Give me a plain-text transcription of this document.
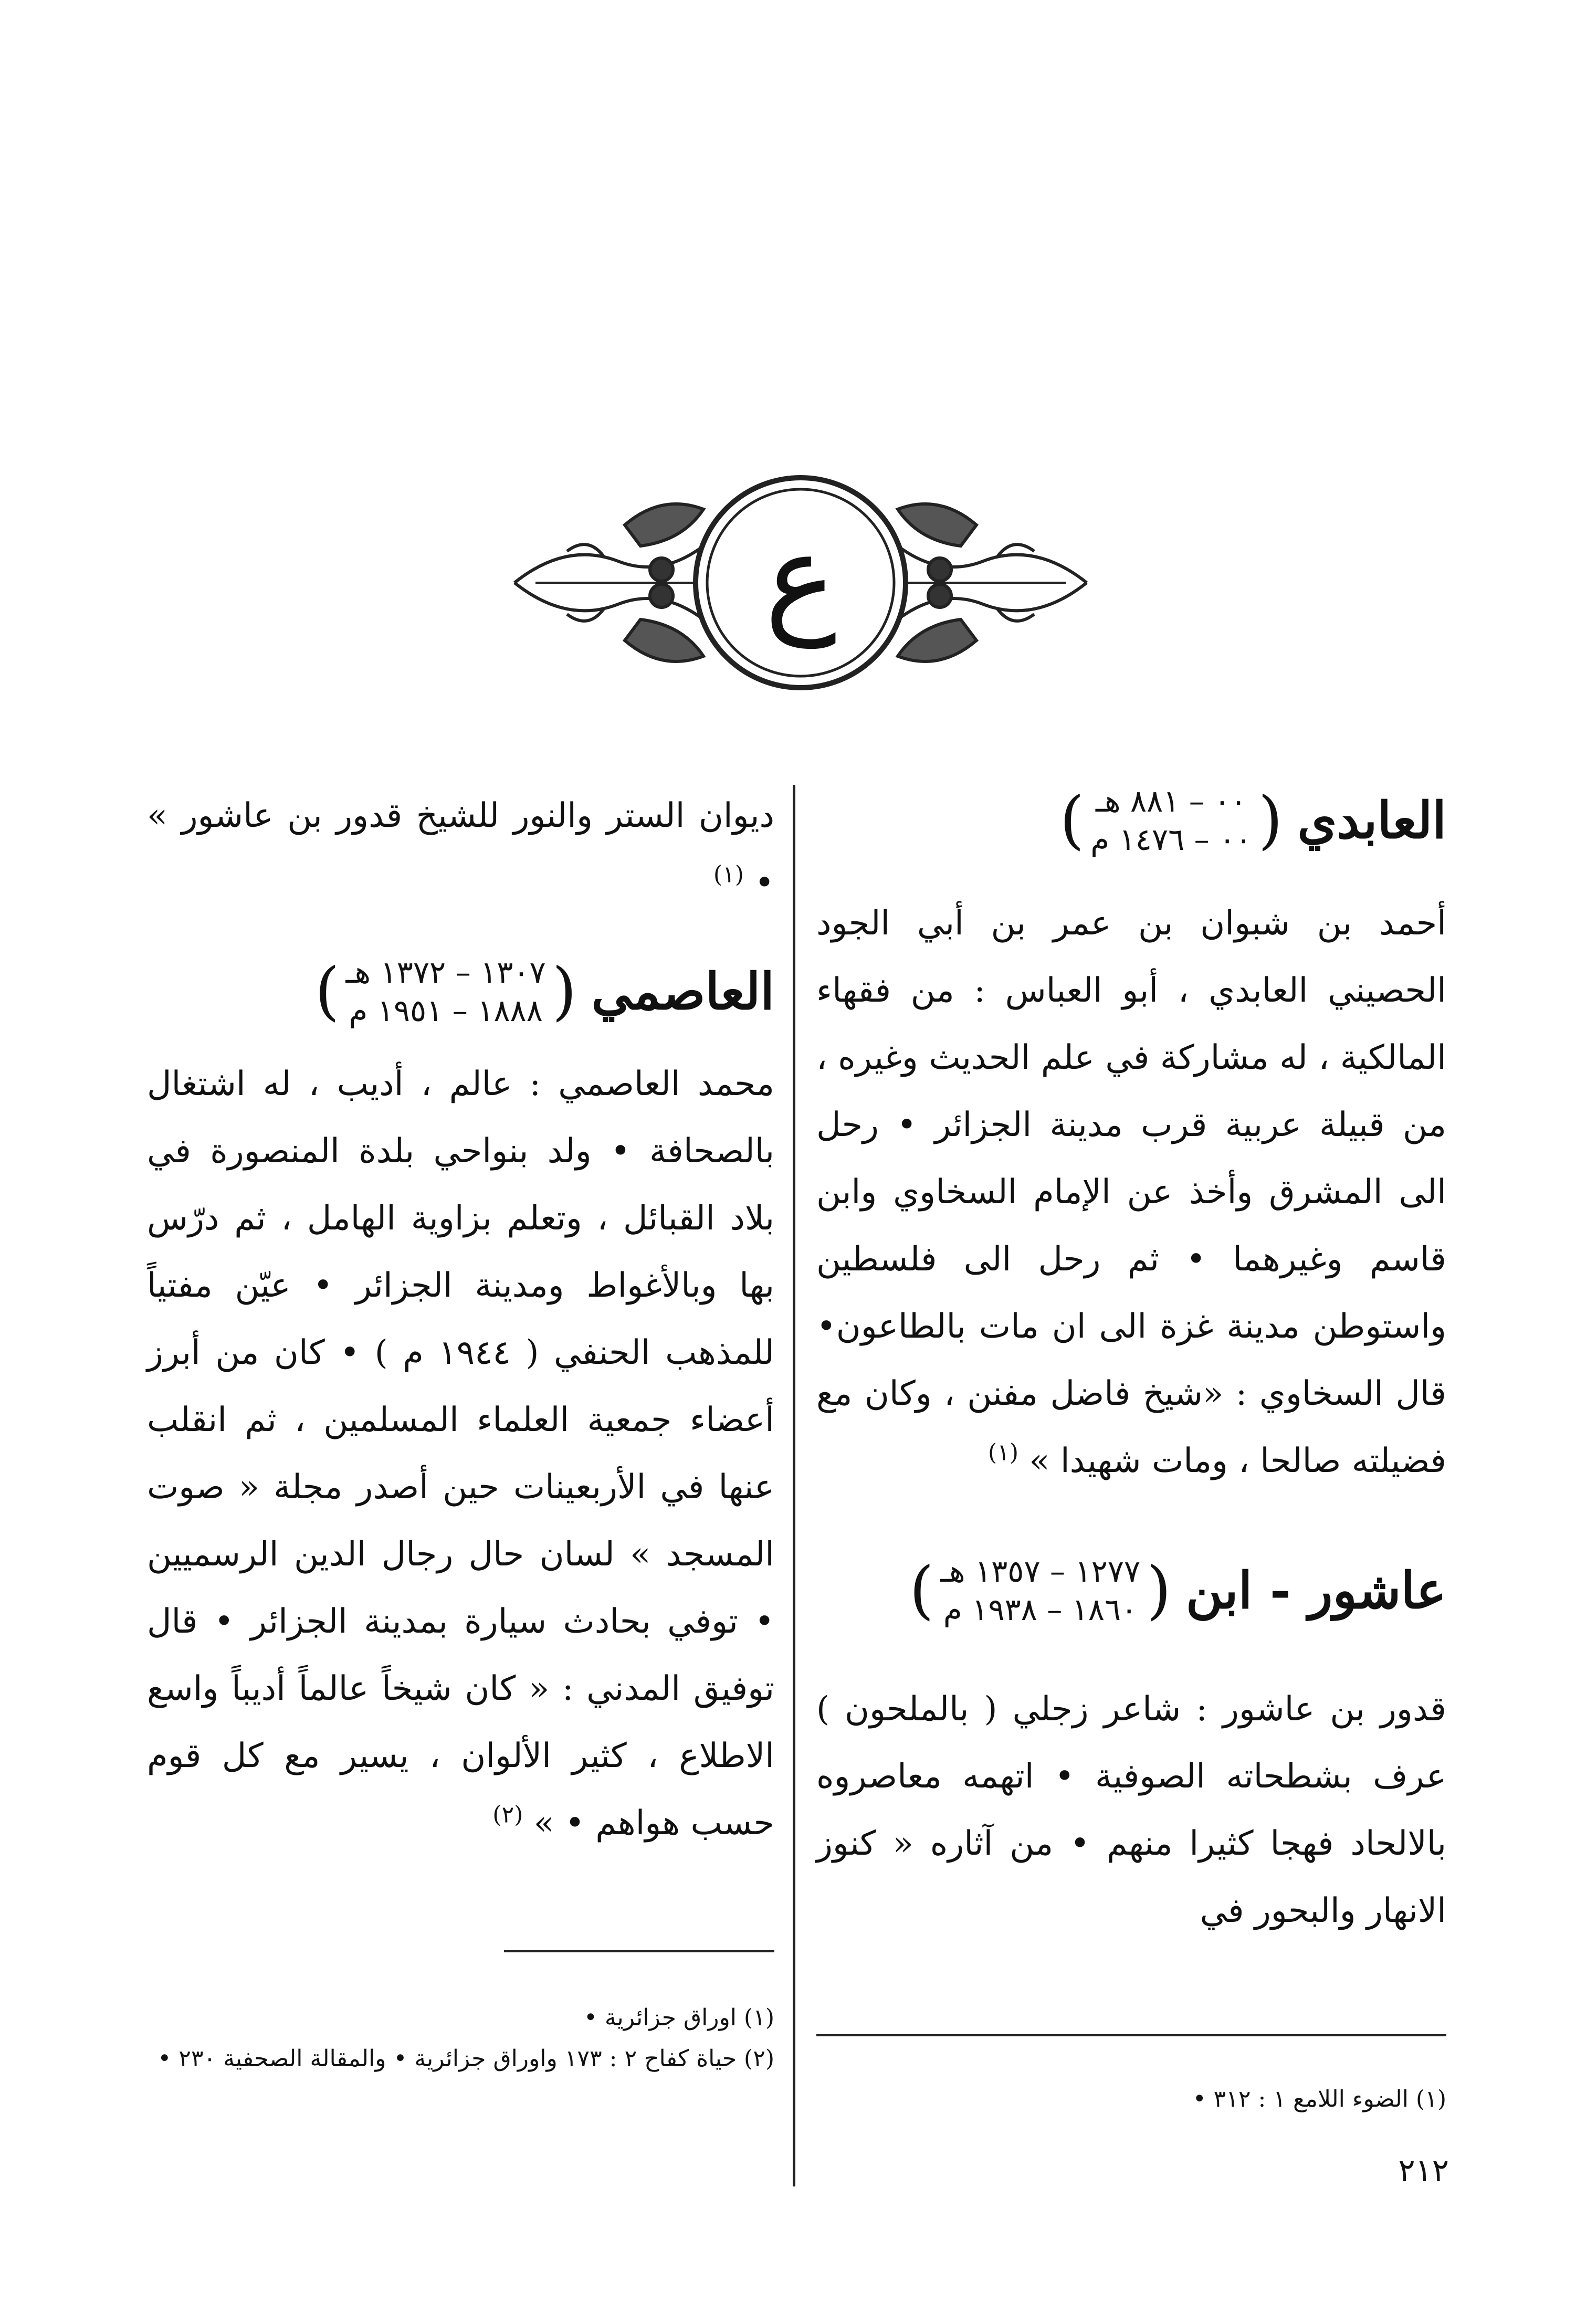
ع
العابدي
(
٠٠ – ٨٨١ هـ
٠٠ – ١٤٧٦ م
)

أحمد بن شبوان بن عمر بن أبي الجود الحصيني العابدي ، أبو العباس : من فقهاء المالكية ، له مشاركة في علم الحديث وغيره ، من قبيلة عربية قرب مدينة الجزائر • رحل الى المشرق وأخذ عن الإمام السخاوي وابن قاسم وغيرهما • ثم رحل الى فلسطين واستوطن مدينة غزة الى ان مات بالطاعون• قال السخاوي : «شيخ فاضل مفنن ، وكان مع فضيلته صالحا ، ومات شهيدا » $^{(١)}$

عاشور - ابن
(
١٢٧٧ – ١٣٥٧ هـ
١٨٦٠ – ١٩٣٨ م
)

قدور بن عاشور : شاعر زجلي ( بالملحون ) عرف بشطحاته الصوفية • اتهمه معاصروه بالالحاد فهجا كثيرا منهم • من آثاره « كنوز الانهار والبحور في

(١) الضوء اللامع ١ : ٣١٢ •

ديوان الستر والنور للشيخ قدور بن عاشور » • $^{(١)}$

العاصمي
(
١٣٠٧ – ١٣٧٢ هـ
١٨٨٨ – ١٩٥١ م
)

محمد العاصمي : عالم ، أديب ، له اشتغال بالصحافة • ولد بنواحي بلدة المنصورة في بلاد القبائل ، وتعلم بزاوية الهامل ، ثم درّس بها وبالأغواط ومدينة الجزائر • عيّن مفتياً للمذهب الحنفي ( ١٩٤٤ م ) • كان من أبرز أعضاء جمعية العلماء المسلمين ، ثم انقلب عنها في الأربعينات حين أصدر مجلة « صوت المسجد » لسان حال رجال الدين الرسميين • توفي بحادث سيارة بمدينة الجزائر • قال توفيق المدني : « كان شيخاً عالماً أديباً واسع الاطلاع ، كثير الألوان ، يسير مع كل قوم حسب هواهم • » $^{(٢)}$

(١) اوراق جزائرية •

(٢) حياة كفاح ٢ : ١٧٣ واوراق جزائرية • والمقالة الصحفية ٢٣٠ •

٢١٢
